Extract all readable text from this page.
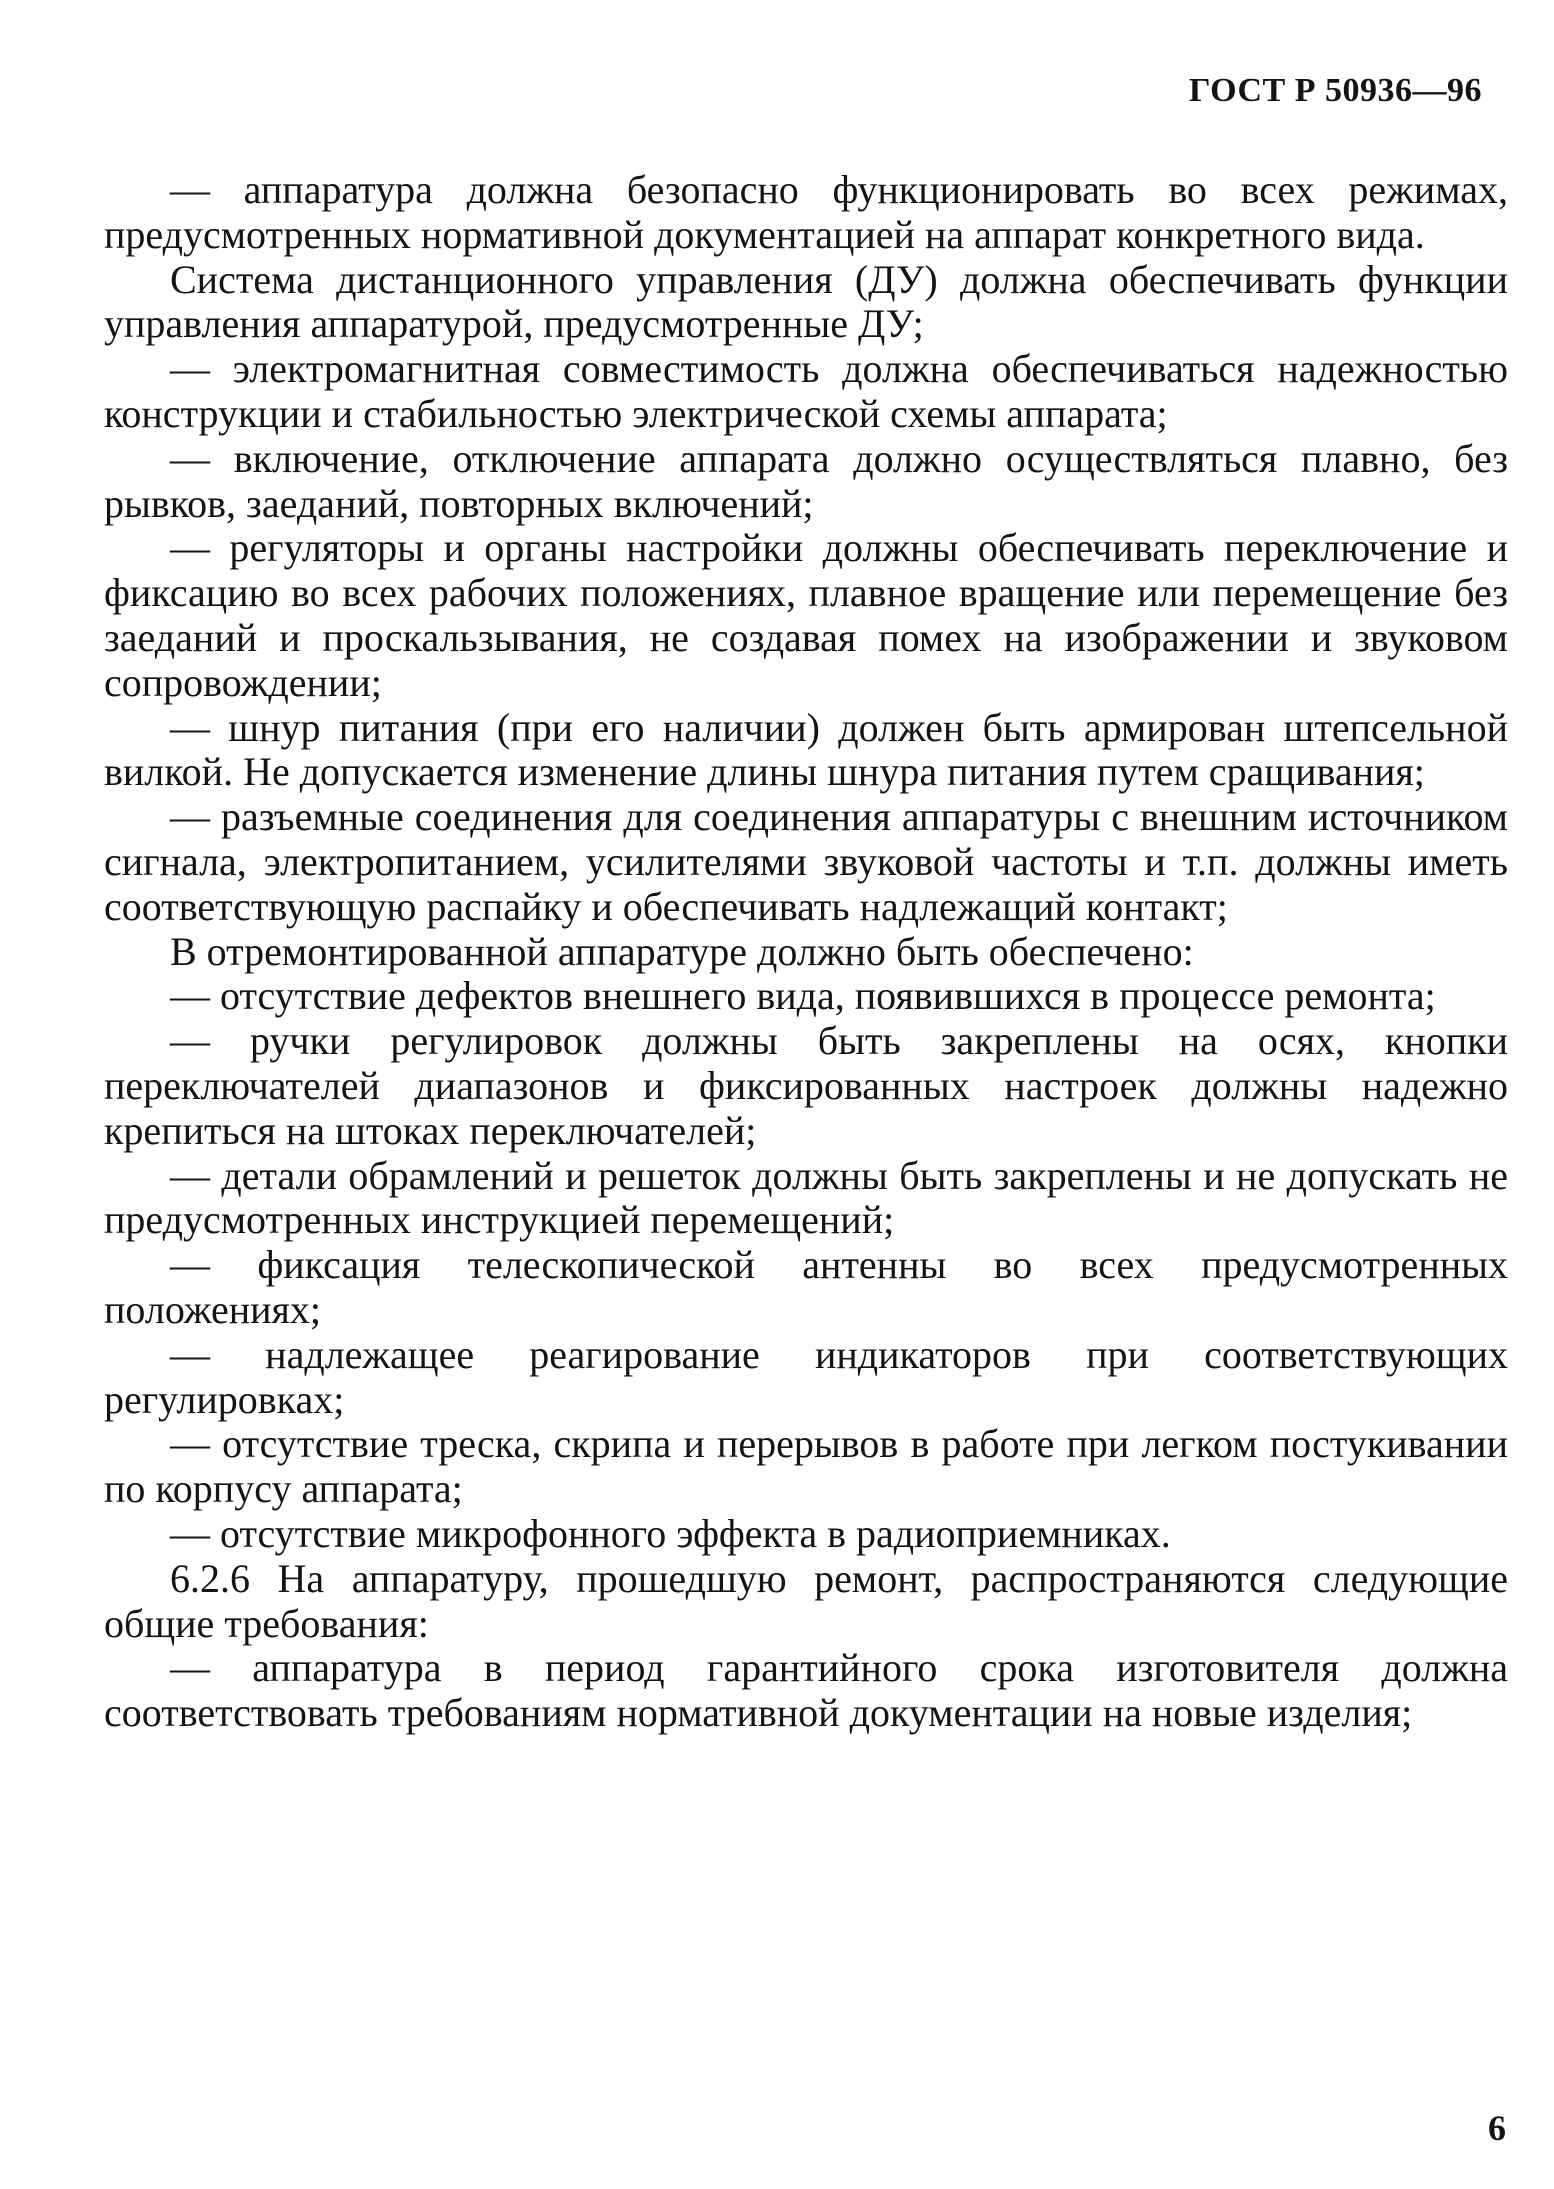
ГОСТ Р 50936—96

— аппаратура должна безопасно функционировать во всех режимах, предусмотренных нормативной документацией на аппарат конкретного вида.

Система дистанционного управления (ДУ) должна обеспечивать функции управления аппаратурой, предусмотренные ДУ;

— электромагнитная совместимость должна обеспечиваться надежностью конструкции и стабильностью электрической схемы аппарата;

— включение, отключение аппарата должно осуществляться плавно, без рывков, заеданий, повторных включений;

— регуляторы и органы настройки должны обеспечивать переключение и фиксацию во всех рабочих положениях, плавное вращение или перемещение без заеданий и проскальзывания, не создавая помех на изображении и звуковом сопровождении;

— шнур питания (при его наличии) должен быть армирован штепсельной вилкой. Не допускается изменение длины шнура питания путем сращивания;

— разъемные соединения для соединения аппаратуры с внешним источником сигнала, электропитанием, усилителями звуковой частоты и т.п. должны иметь соответствующую распайку и обеспечивать надлежащий контакт;

В отремонтированной аппаратуре должно быть обеспечено:

— отсутствие дефектов внешнего вида, появившихся в процессе ремонта;

— ручки регулировок должны быть закреплены на осях, кнопки переключателей диапазонов и фиксированных настроек должны надежно крепиться на штоках переключателей;

— детали обрамлений и решеток должны быть закреплены и не допускать не предусмотренных инструкцией перемещений;

— фиксация телескопической антенны во всех предусмотренных положениях;

— надлежащее реагирование индикаторов при соответствующих регулировках;

— отсутствие треска, скрипа и перерывов в работе при легком постукивании по корпусу аппарата;

— отсутствие микрофонного эффекта в радиоприемниках.

6.2.6 На аппаратуру, прошедшую ремонт, распространяются следующие общие требования:

— аппаратура в период гарантийного срока изготовителя должна соответствовать требованиям нормативной документации на новые изделия;

6
